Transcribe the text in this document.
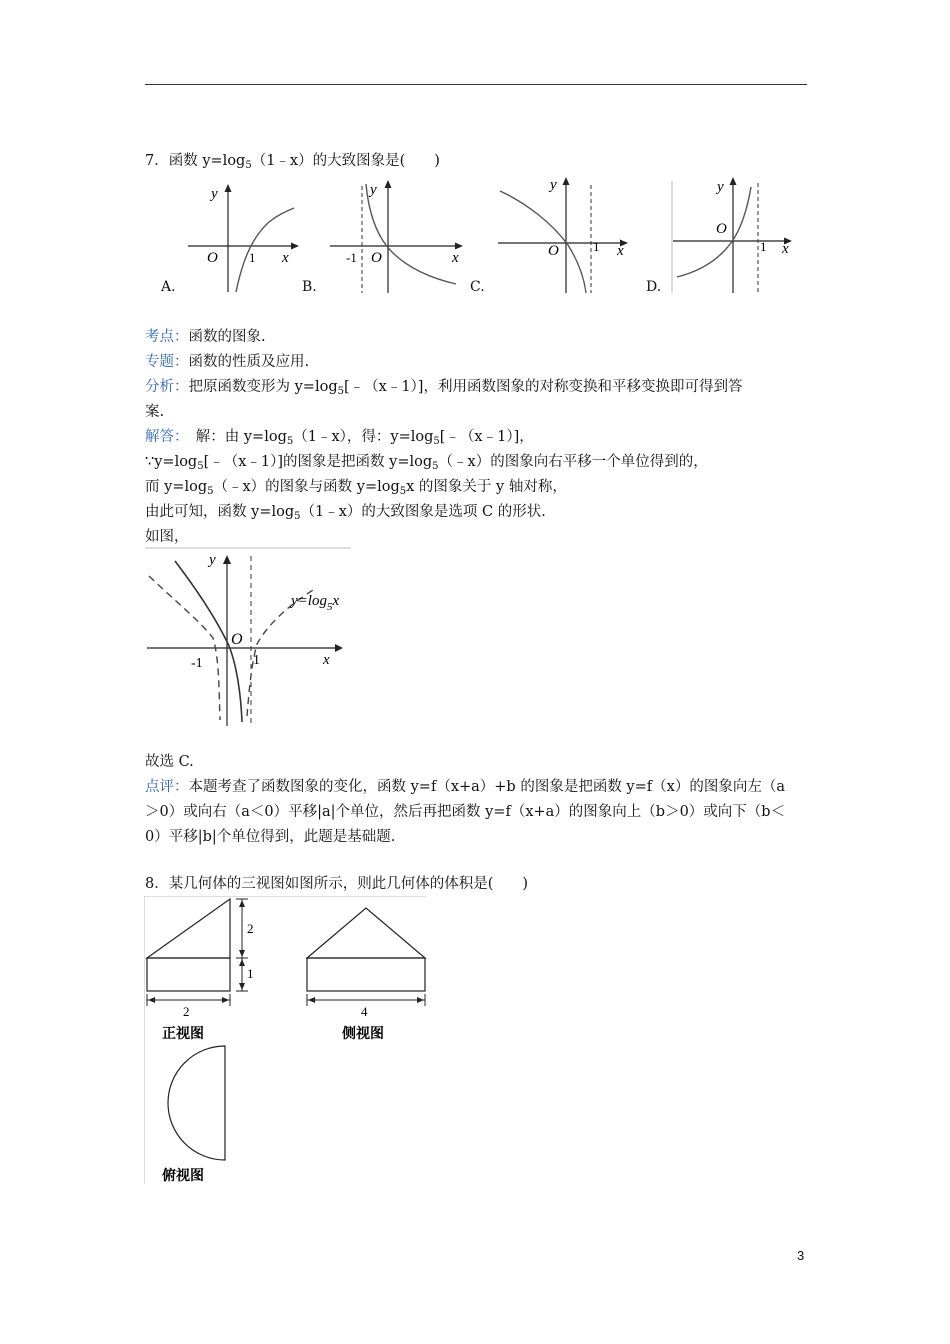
7．函数 $y=\log_5(1﹣x)$的大致图象是(　　)
y
O 1 x
y
-1 O	x
y
O	1 x
y
O
1 x
A.	B.	C.	D.
考点：函数的图象.
专题：函数的性质及应用.
分析：把原函数变形为 $y=\log_5[﹣(x﹣1)]$，利用函数图象的对称变换和平移变换即可得到答
案.
解答：　解：由 $y=\log_5(1﹣x)$，得：$y=\log_5[﹣(x﹣1)]$，
$\because y=\log_5[﹣(x﹣1)]$的图象是把函数 $y=\log_5(﹣x)$的图象向右平移一个单位得到的，
而 $y=\log_5(﹣x)$的图象与函数 $y=\log_5x$ 的图象关于 y 轴对称，
由此可知，函数 $y=\log_5(1﹣x)$的大致图象是选项 C 的形状.
如图，
y
O
-1	1	x
$y=\log_5x$
故选 C.
点评：本题考查了函数图象的变化，函数 y=f（x+a）+b 的图象是把函数 y=f（x）的图象向左（a
＞0）或向右（a＜0）平移|a|个单位，然后再把函数 y=f（x+a）的图象向上（b＞0）或向下（b＜
0）平移|b|个单位得到，此题是基础题.
8．某几何体的三视图如图所示，则此几何体的体积是(　　)
2
1
2
正视图
4
侧视图
俯视图
3
